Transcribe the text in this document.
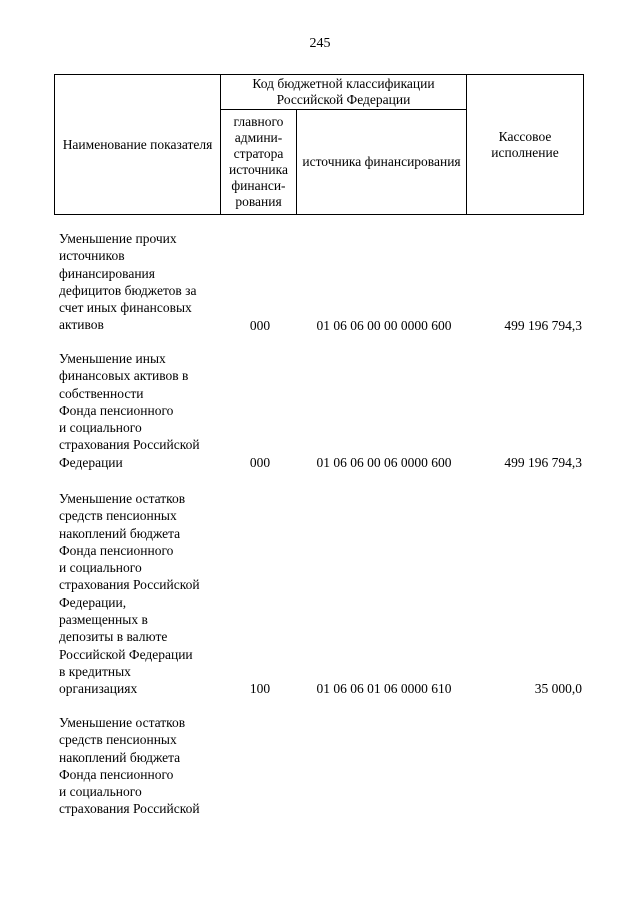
245
Наименование показателя	Код бюджетной классификации Российской Федерации		Кассовое исполнение
	главного админи-стратора источника финанси-рования	источника финансирования	
Уменьшение прочих
источников
финансирования
дефицитов бюджетов за
счет иных финансовых
активов	000	01 06 06 00 00 0000 600	499 196 794,3
Уменьшение иных
финансовых активов в
собственности
Фонда пенсионного
и социального
страхования Российской
Федерации	000	01 06 06 00 06 0000 600	499 196 794,3
Уменьшение остатков
средств пенсионных
накоплений бюджета
Фонда пенсионного
и социального
страхования Российской
Федерации,
размещенных в
депозиты в валюте
Российской Федерации
в кредитных
организациях	100	01 06 06 01 06 0000 610	35 000,0
Уменьшение остатков
средств пенсионных
накоплений бюджета
Фонда пенсионного
и социального
страхования Российской
